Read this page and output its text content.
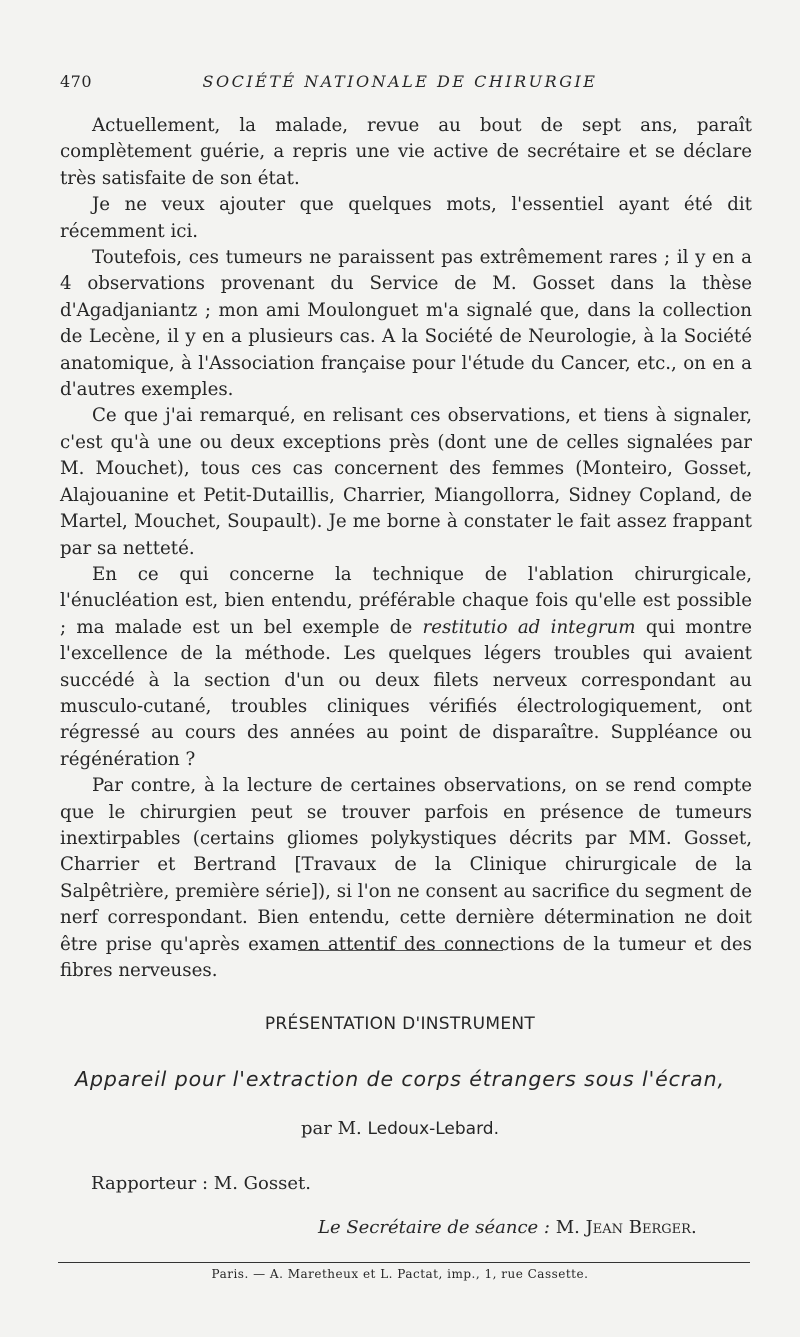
470	SOCIÉTÉ NATIONALE DE CHIRURGIE

Actuellement, la malade, revue au bout de sept ans, paraît complètement guérie, a repris une vie active de secrétaire et se déclare très satisfaite de son état.

Je ne veux ajouter que quelques mots, l'essentiel ayant été dit récemment ici.

Toutefois, ces tumeurs ne paraissent pas extrêmement rares ; il y en a 4 observations provenant du Service de M. Gosset dans la thèse d'Agadjaniantz ; mon ami Moulonguet m'a signalé que, dans la collection de Lecène, il y en a plusieurs cas. A la Société de Neurologie, à la Société anatomique, à l'Association française pour l'étude du Cancer, etc., on en a d'autres exemples.

Ce que j'ai remarqué, en relisant ces observations, et tiens à signaler, c'est qu'à une ou deux exceptions près (dont une de celles signalées par M. Mouchet), tous ces cas concernent des femmes (Monteiro, Gosset, Alajouanine et Petit-Dutaillis, Charrier, Miangollorra, Sidney Copland, de Martel, Mouchet, Soupault). Je me borne à constater le fait assez frappant par sa netteté.

En ce qui concerne la technique de l'ablation chirurgicale, l'énucléation est, bien entendu, préférable chaque fois qu'elle est possible ; ma malade est un bel exemple de restitutio ad integrum qui montre l'excellence de la méthode. Les quelques légers troubles qui avaient succédé à la section d'un ou deux filets nerveux correspondant au musculo-cutané, troubles cliniques vérifiés électrologiquement, ont régressé au cours des années au point de disparaître. Suppléance ou régénération ?

Par contre, à la lecture de certaines observations, on se rend compte que le chirurgien peut se trouver parfois en présence de tumeurs inextirpables (certains gliomes polykystiques décrits par MM. Gosset, Charrier et Bertrand [Travaux de la Clinique chirurgicale de la Salpêtrière, première série]), si l'on ne consent au sacrifice du segment de nerf correspondant. Bien entendu, cette dernière détermination ne doit être prise qu'après examen attentif des connections de la tumeur et des fibres nerveuses.

PRÉSENTATION D'INSTRUMENT
Appareil pour l'extraction de corps étrangers sous l'écran,
par M. Ledoux-Lebard.
Rapporteur : M. Gosset.
Le Secrétaire de séance : M. Jean Berger.
Paris. — A. Maretheux et L. Pactat, imp., 1, rue Cassette.
